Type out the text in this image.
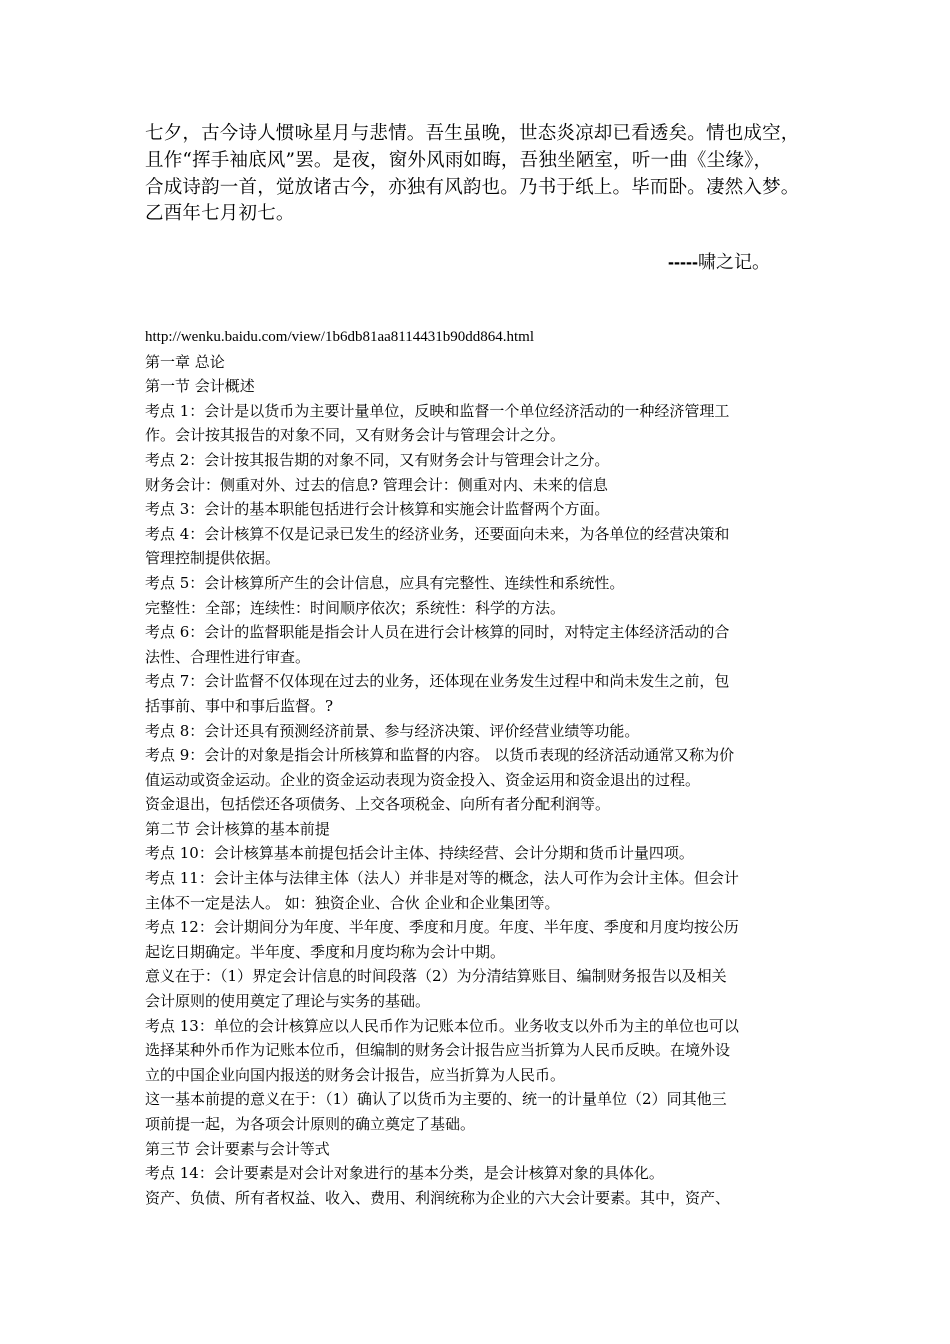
七夕，古今诗人惯咏星月与悲情。吾生虽晚，世态炎凉却已看透矣。情也成空，

且作“挥手袖底风”罢。是夜，窗外风雨如晦，吾独坐陋室，听一曲《尘缘》，

合成诗韵一首，觉放诸古今，亦独有风韵也。乃书于纸上。毕而卧。凄然入梦。

乙酉年七月初七。

-----啸之记。

http://wenku.baidu.com/view/1b6db81aa8114431b90dd864.html

第一章 总论

第一节 会计概述

考点 1：会计是以货币为主要计量单位，反映和监督一个单位经济活动的一种经济管理工

作。会计按其报告的对象不同，又有财务会计与管理会计之分。

考点 2：会计按其报告期的对象不同，又有财务会计与管理会计之分。

财务会计：侧重对外、过去的信息? 管理会计：侧重对内、未来的信息

考点 3：会计的基本职能包括进行会计核算和实施会计监督两个方面。

考点 4：会计核算不仅是记录已发生的经济业务，还要面向未来，为各单位的经营决策和

管理控制提供依据。

考点 5：会计核算所产生的会计信息，应具有完整性、连续性和系统性。

完整性：全部；连续性：时间顺序依次；系统性：科学的方法。

考点 6：会计的监督职能是指会计人员在进行会计核算的同时，对特定主体经济活动的合

法性、合理性进行审查。

考点 7：会计监督不仅体现在过去的业务，还体现在业务发生过程中和尚未发生之前，包

括事前、事中和事后监督。?

考点 8：会计还具有预测经济前景、参与经济决策、评价经营业绩等功能。

考点 9：会计的对象是指会计所核算和监督的内容。 以货币表现的经济活动通常又称为价

值运动或资金运动。企业的资金运动表现为资金投入、资金运用和资金退出的过程。

资金退出，包括偿还各项债务、上交各项税金、向所有者分配利润等。

第二节 会计核算的基本前提

考点 10：会计核算基本前提包括会计主体、持续经营、会计分期和货币计量四项。

考点 11：会计主体与法律主体（法人）并非是对等的概念，法人可作为会计主体。但会计

主体不一定是法人。 如：独资企业、合伙 企业和企业集团等。

考点 12：会计期间分为年度、半年度、季度和月度。年度、半年度、季度和月度均按公历

起讫日期确定。半年度、季度和月度均称为会计中期。

意义在于：（1）界定会计信息的时间段落（2）为分清结算账目、编制财务报告以及相关

会计原则的使用奠定了理论与实务的基础。

考点 13：单位的会计核算应以人民币作为记账本位币。业务收支以外币为主的单位也可以

选择某种外币作为记账本位币，但编制的财务会计报告应当折算为人民币反映。在境外设

立的中国企业向国内报送的财务会计报告，应当折算为人民币。

这一基本前提的意义在于：（1）确认了以货币为主要的、统一的计量单位（2）同其他三

项前提一起，为各项会计原则的确立奠定了基础。

第三节 会计要素与会计等式

考点 14：会计要素是对会计对象进行的基本分类，是会计核算对象的具体化。

资产、负债、所有者权益、收入、费用、利润统称为企业的六大会计要素。其中，资产、
